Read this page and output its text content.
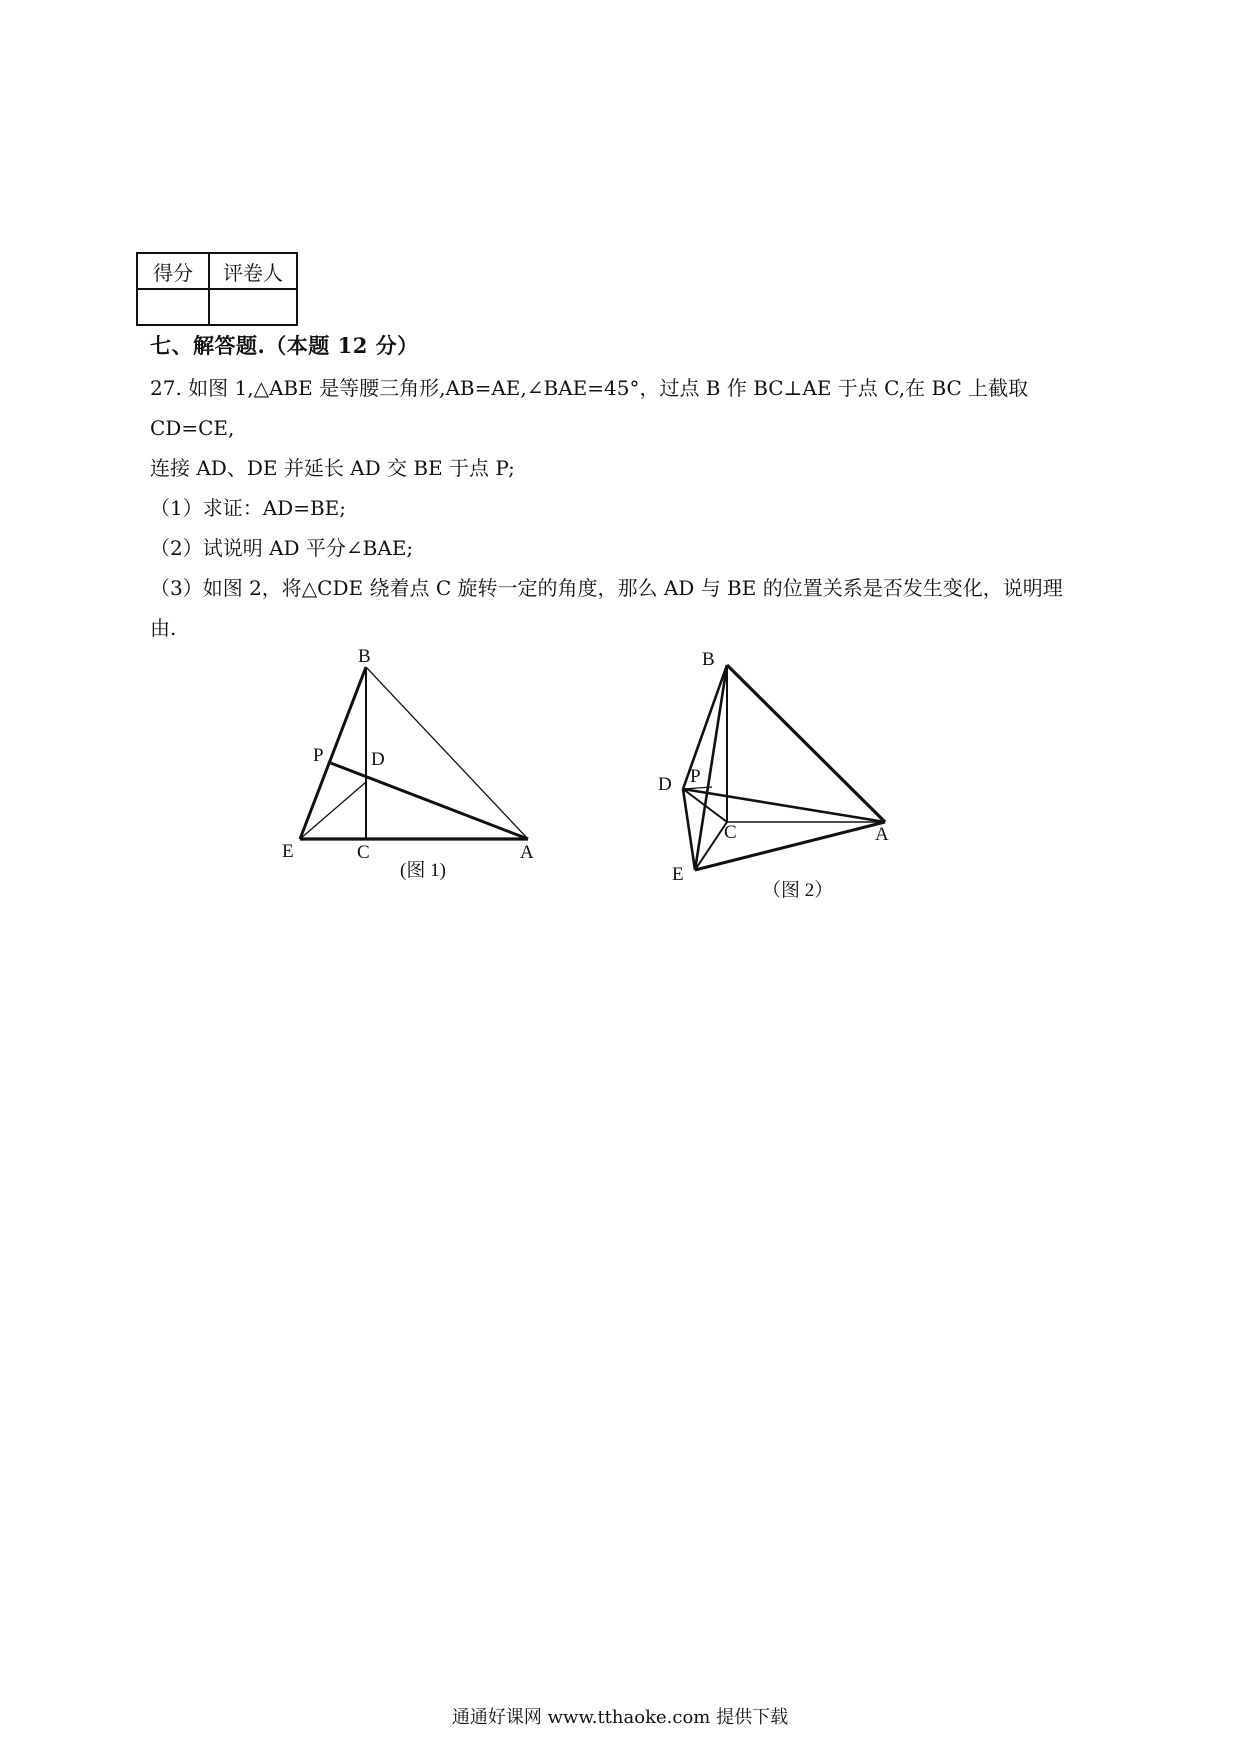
得分	评卷人

七、解答题.（本题 12 分）

27. 如图 1,△ABE 是等腰三角形,AB=AE,∠BAE=45°，过点 B 作 BC⊥AE 于点 C,在 BC 上截取 CD=CE,

连接 AD、DE 并延长 AD 交 BE 于点 P;

（1）求证：AD=BE;

（2）试说明 AD 平分∠BAE;

（3）如图 2，将△CDE 绕着点 C 旋转一定的角度，那么 AD 与 BE 的位置关系是否发生变化，说明理

由.

B
P D
E	C	A
(图 1)
B
D P
C	A
E
（图 2）
通通好课网 www.tthaoke.com 提供下载
